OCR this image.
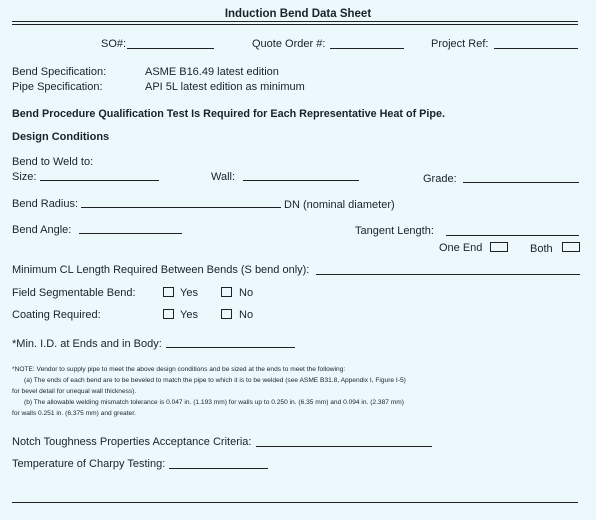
Induction Bend Data Sheet
SO#:	Quote Order #:	Project Ref:
Bend Specification:	ASME B16.49 latest edition
Pipe Specification:	API 5L latest edition as minimum
Bend Procedure Qualification Test Is Required for Each Representative Heat of Pipe.
Design Conditions
Bend to Weld to:
Size:	Wall:	Grade:
Bend Radius:	DN (nominal diameter)
Bend Angle:	Tangent Length:
One End	Both
Minimum CL Length Required Between Bends (S bend only):
Field Segmentable Bend:	Yes	No
Coating Required:	Yes	No
*Min. I.D. at Ends and in Body:
*NOTE: Vendor to supply pipe to meet the above design conditions and be sized at the ends to meet the following:
(a) The ends of each bend are to be beveled to match the pipe to which it is to be welded (see ASME B31.8, Appendix I, Figure I-5)
for bevel detail for unequal wall thickness).
(b) The allowable welding mismatch tolerance is 0.047 in. (1.193 mm) for walls up to 0.250 in. (6.35 mm) and 0.094 in. (2.387 mm)
for walls 0.251 in. (6.375 mm) and greater.
Notch Toughness Properties Acceptance Criteria:
Temperature of Charpy Testing:
